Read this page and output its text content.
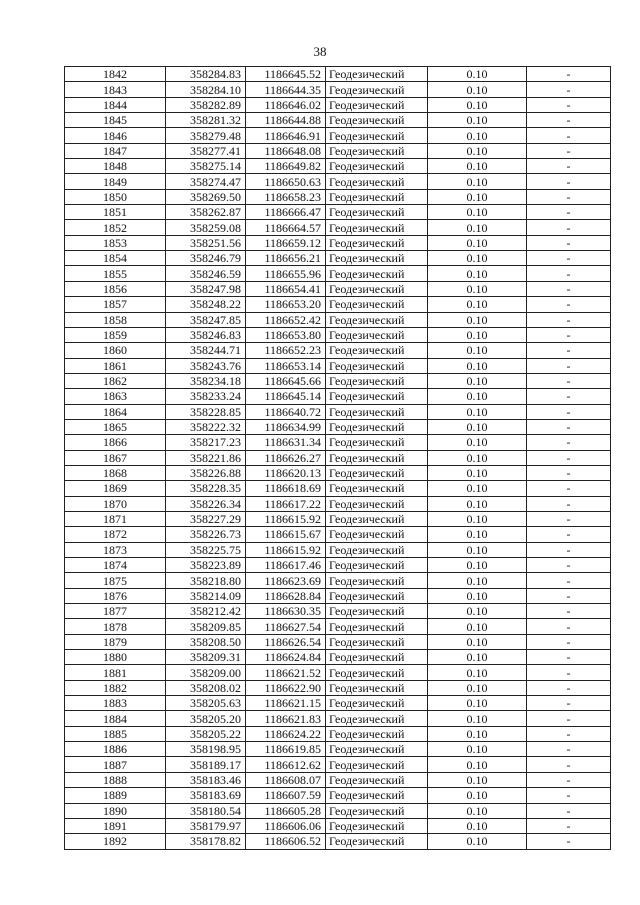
38
1842	358284.83	1186645.52	Геодезический	0.10	-
1843	358284.10	1186644.35	Геодезический	0.10	-
1844	358282.89	1186646.02	Геодезический	0.10	-
1845	358281.32	1186644.88	Геодезический	0.10	-
1846	358279.48	1186646.91	Геодезический	0.10	-
1847	358277.41	1186648.08	Геодезический	0.10	-
1848	358275.14	1186649.82	Геодезический	0.10	-
1849	358274.47	1186650.63	Геодезический	0.10	-
1850	358269.50	1186658.23	Геодезический	0.10	-
1851	358262.87	1186666.47	Геодезический	0.10	-
1852	358259.08	1186664.57	Геодезический	0.10	-
1853	358251.56	1186659.12	Геодезический	0.10	-
1854	358246.79	1186656.21	Геодезический	0.10	-
1855	358246.59	1186655.96	Геодезический	0.10	-
1856	358247.98	1186654.41	Геодезический	0.10	-
1857	358248.22	1186653.20	Геодезический	0.10	-
1858	358247.85	1186652.42	Геодезический	0.10	-
1859	358246.83	1186653.80	Геодезический	0.10	-
1860	358244.71	1186652.23	Геодезический	0.10	-
1861	358243.76	1186653.14	Геодезический	0.10	-
1862	358234.18	1186645.66	Геодезический	0.10	-
1863	358233.24	1186645.14	Геодезический	0.10	-
1864	358228.85	1186640.72	Геодезический	0.10	-
1865	358222.32	1186634.99	Геодезический	0.10	-
1866	358217.23	1186631.34	Геодезический	0.10	-
1867	358221.86	1186626.27	Геодезический	0.10	-
1868	358226.88	1186620.13	Геодезический	0.10	-
1869	358228.35	1186618.69	Геодезический	0.10	-
1870	358226.34	1186617.22	Геодезический	0.10	-
1871	358227.29	1186615.92	Геодезический	0.10	-
1872	358226.73	1186615.67	Геодезический	0.10	-
1873	358225.75	1186615.92	Геодезический	0.10	-
1874	358223.89	1186617.46	Геодезический	0.10	-
1875	358218.80	1186623.69	Геодезический	0.10	-
1876	358214.09	1186628.84	Геодезический	0.10	-
1877	358212.42	1186630.35	Геодезический	0.10	-
1878	358209.85	1186627.54	Геодезический	0.10	-
1879	358208.50	1186626.54	Геодезический	0.10	-
1880	358209.31	1186624.84	Геодезический	0.10	-
1881	358209.00	1186621.52	Геодезический	0.10	-
1882	358208.02	1186622.90	Геодезический	0.10	-
1883	358205.63	1186621.15	Геодезический	0.10	-
1884	358205.20	1186621.83	Геодезический	0.10	-
1885	358205.22	1186624.22	Геодезический	0.10	-
1886	358198.95	1186619.85	Геодезический	0.10	-
1887	358189.17	1186612.62	Геодезический	0.10	-
1888	358183.46	1186608.07	Геодезический	0.10	-
1889	358183.69	1186607.59	Геодезический	0.10	-
1890	358180.54	1186605.28	Геодезический	0.10	-
1891	358179.97	1186606.06	Геодезический	0.10	-
1892	358178.82	1186606.52	Геодезический	0.10	-
